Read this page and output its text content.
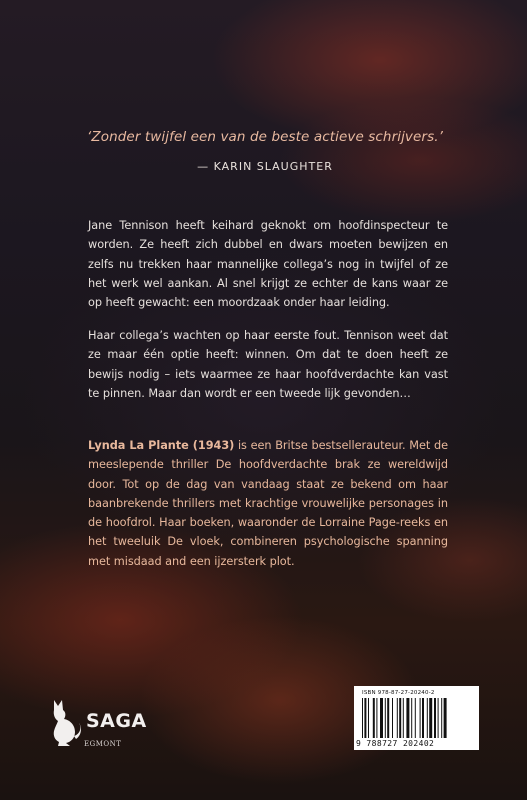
‘Zonder twijfel een van de beste actieve schrijvers.’
— KARIN SLAUGHTER
Jane Tennison heeft keihard geknokt om hoofdinspecteur te worden. Ze heeft zich dubbel en dwars moeten bewijzen en zelfs nu trekken haar mannelijke collega’s nog in twijfel of ze het werk wel aankan. Al snel krijgt ze echter de kans waar ze op heeft gewacht: een moordzaak onder haar leiding.
Haar collega’s wachten op haar eerste fout. Tennison weet dat ze maar één optie heeft: winnen. Om dat te doen heeft ze bewijs nodig – iets waarmee ze haar hoofdverdachte kan vast te pinnen. Maar dan wordt er een tweede lijk gevonden…
Lynda La Plante (1943) is een Britse bestsellerauteur. Met de meeslepende thriller De hoofdverdachte brak ze wereldwijd door. Tot op de dag van vandaag staat ze bekend om haar baanbrekende thrillers met krachtige vrouwelijke personages in de hoofdrol. Haar boeken, waaronder de Lorraine Page-reeks en het tweeluik De vloek, combineren psychologische spanning met misdaad and een ijzersterk plot.
SAGA
EGMONT
ISBN 978-87-27-20240-2
9 788727 202402
